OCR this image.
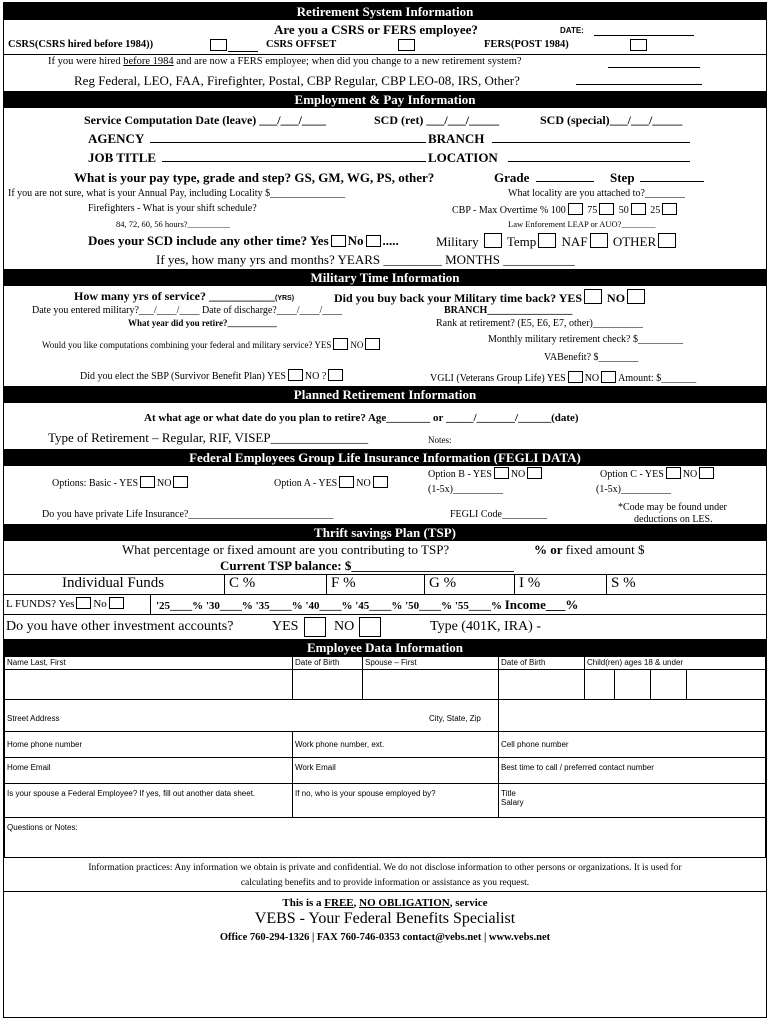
Retirement System Information
Are you a CSRS or FERS employee?	DATE:
CSRS(CSRS hired before 1984))	CSRS OFFSET	FERS(POST 1984)
If you were hired before 1984 and are now a FERS employee; when did you change to a new retirement system?
Reg Federal, LEO, FAA, Firefighter, Postal, CBP Regular, CBP LEO-08, IRS, Other?
Employment & Pay Information
Service Computation Date (leave) ___/___/____	SCD (ret) ___/___/_____	SCD (special)___/___/_____
AGENCY	BRANCH
JOB TITLE	LOCATION
What is your pay type, grade and step? GS, GM, WG, PS, other?	Grade	Step
If you are not sure, what is your Annual Pay, including Locality $_______________	What locality are you attached to?________
Firefighters - What is your shift schedule?	CBP - Max Overtime % 100 75 50 25
84, 72, 60, 56 hours?__________	Law Enforement LEAP or AUO?________
Does your SCD include any other time? Yes No .....	Military Temp NAF OTHER
If yes, how many yrs and months? YEARS _________ MONTHS ___________
Military Time Information
How many yrs of service? ___________(YRS)	Did you buy back your Military time back? YES NO
Date you entered military?___/____/____ Date of discharge?____/____/____	BRANCH_________________
What year did you retire?___________	Rank at retirement? (E5, E6, E7, other)__________
Would you like computations combining your federal and military service? YES NO	Monthly military retirement check? $_________
VABenefit? $________
Did you elect the SBP (Survivor Benefit Plan) YES NO ?	VGLI (Veterans Group Life) YES NO Amount: $_______
Planned Retirement Information
At what age or what date do you plan to retire? Age________ or _____/_______/______(date)
Type of Retirement – Regular, RIF, VISEP_______________	Notes:
Federal Employees Group Life Insurance Information (FEGLI DATA)
Options: Basic - YES NO	Option A - YES NO
Option B - YES NO
(1-5x)__________
Option C - YES NO
(1-5x)__________
Do you have private Life Insurance?_____________________________	FEGLI Code_________
*Code may be found under
deductions on LES.
Thrift savings Plan (TSP)
What percentage or fixed amount are you contributing to TSP?	% or fixed amount $
Current TSP balance: $_________________________
Individual Funds	C %	F %	G %	I %	S %
L FUNDS? Yes No	'25____% '30____% '35____% '40____% '45____% '50____% '55____% Income___%
Do you have other investment accounts?	YES	NO	Type (401K, IRA) -
Employee Data Information
Name Last, First	Date of Birth	Spouse – First	Date of Birth	Child(ren) ages 18 & under			

Street Address			City, State, Zip				

Home phone number	Work phone number, ext.		Cell phone number				

Home Email	Work Email		Best time to call / preferred contact number				

Is your spouse a Federal Employee? If yes, fill out another data sheet.	If no, who is your spouse employed by?		Title
Salary				

Questions or Notes:							
Information practices: Any information we obtain is private and confidential. We do not disclose information to other persons or organizations. It is used for
calculating benefits and to provide information or assistance as you request.
This is a FREE, NO OBLIGATION, service
VEBS - Your Federal Benefits Specialist
Office 760-294-1326 | FAX 760-746-0353 contact@vebs.net | www.vebs.net
